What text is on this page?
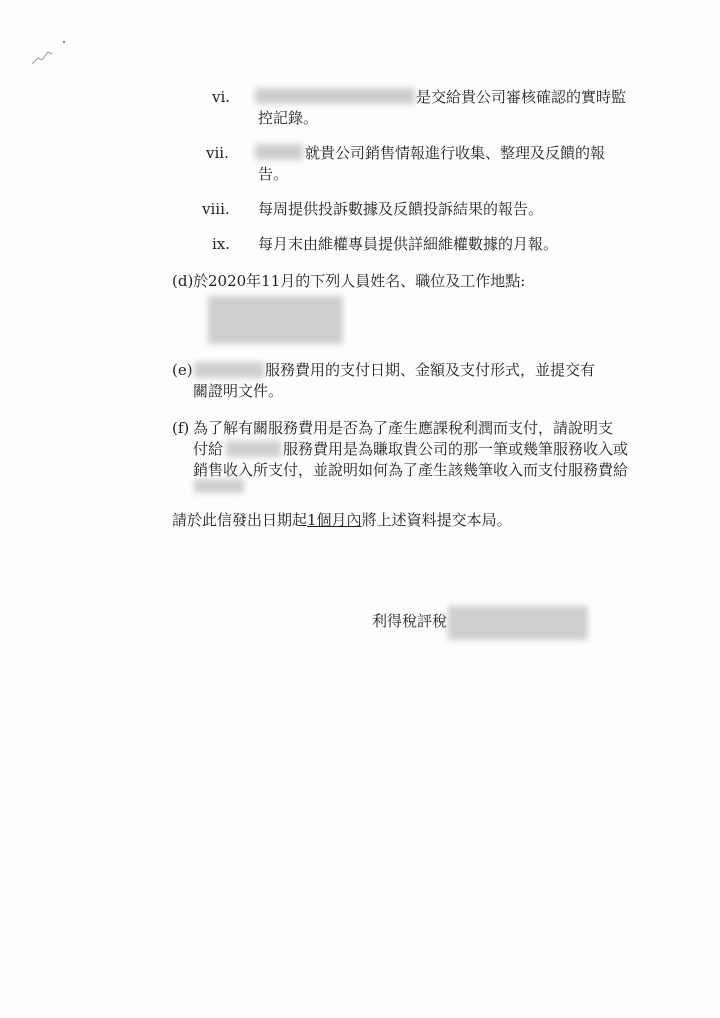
vi.	是交給貴公司審核確認的實時監
控記錄。
vii.	就貴公司銷售情報進行收集、整理及反饋的報
告。
viii. 每周提供投訴數據及反饋投訴結果的報告。
ix. 每月末由維權專員提供詳細維權數據的月報。
(d) 於2020年11月的下列人員姓名、職位及工作地點:
(e)	服務費用的支付日期、金額及支付形式，並提交有
關證明文件。
(f) 為了解有關服務費用是否為了產生應課稅利潤而支付，請說明支
付給	服務費用是為賺取貴公司的那一筆或幾筆服務收入或
銷售收入所支付，並說明如何為了產生該幾筆收入而支付服務費給
請於此信發出日期起1個月內將上述資料提交本局。
利得稅評稅
